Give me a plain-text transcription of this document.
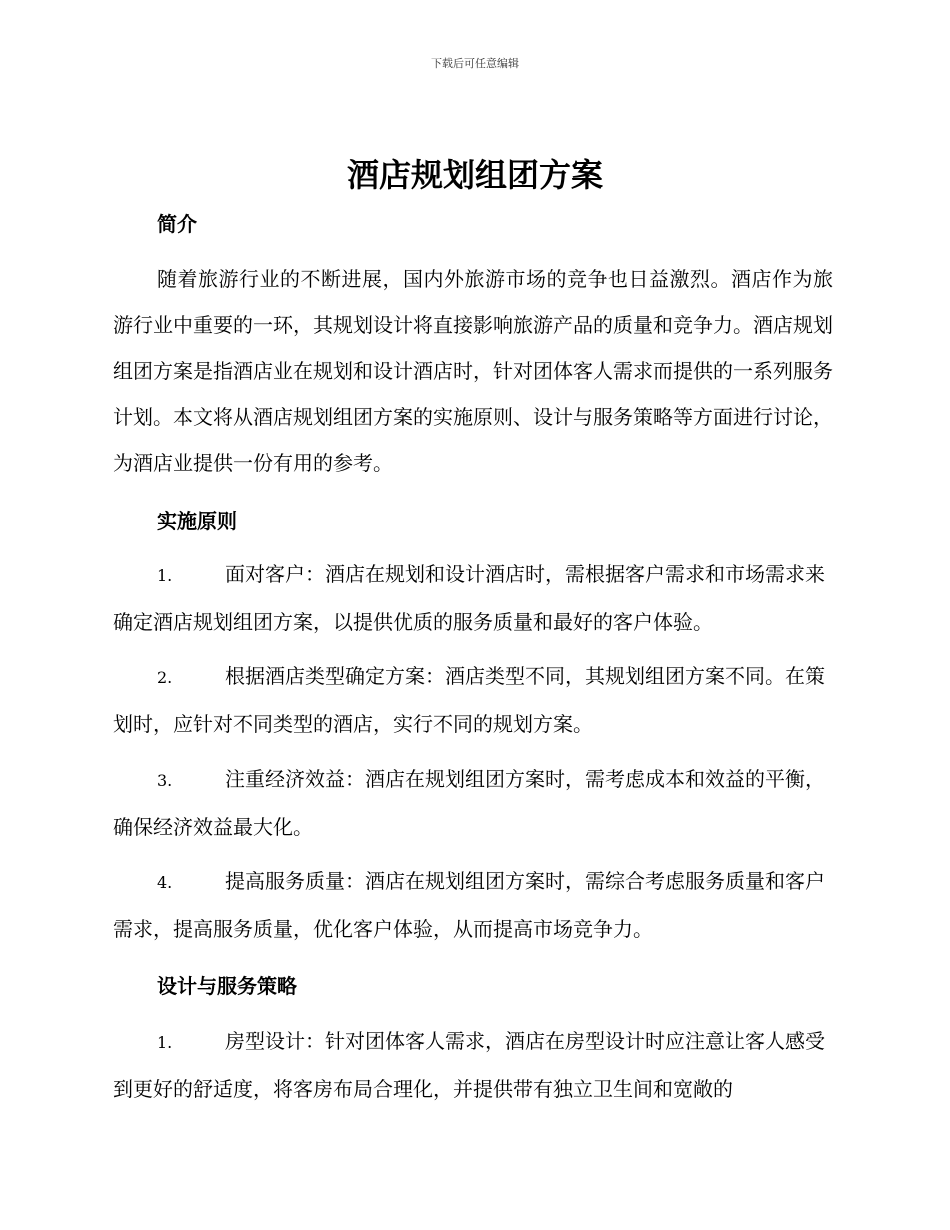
下载后可任意编辑
酒店规划组团方案
简介
随着旅游行业的不断进展，国内外旅游市场的竞争也日益激烈。酒店作为旅游行业中重要的一环，其规划设计将直接影响旅游产品的质量和竞争力。酒店规划组团方案是指酒店业在规划和设计酒店时，针对团体客人需求而提供的一系列服务计划。本文将从酒店规划组团方案的实施原则、设计与服务策略等方面进行讨论，为酒店业提供一份有用的参考。
实施原则
1.	面对客户：酒店在规划和设计酒店时，需根据客户需求和市场需求来确定酒店规划组团方案，以提供优质的服务质量和最好的客户体验。
2.	根据酒店类型确定方案：酒店类型不同，其规划组团方案不同。在策划时，应针对不同类型的酒店，实行不同的规划方案。
3.	注重经济效益：酒店在规划组团方案时，需考虑成本和效益的平衡，确保经济效益最大化。
4.	提高服务质量：酒店在规划组团方案时，需综合考虑服务质量和客户需求，提高服务质量，优化客户体验，从而提高市场竞争力。
设计与服务策略
1.	房型设计：针对团体客人需求，酒店在房型设计时应注意让客人感受到更好的舒适度，将客房布局合理化，并提供带有独立卫生间和宽敞的
